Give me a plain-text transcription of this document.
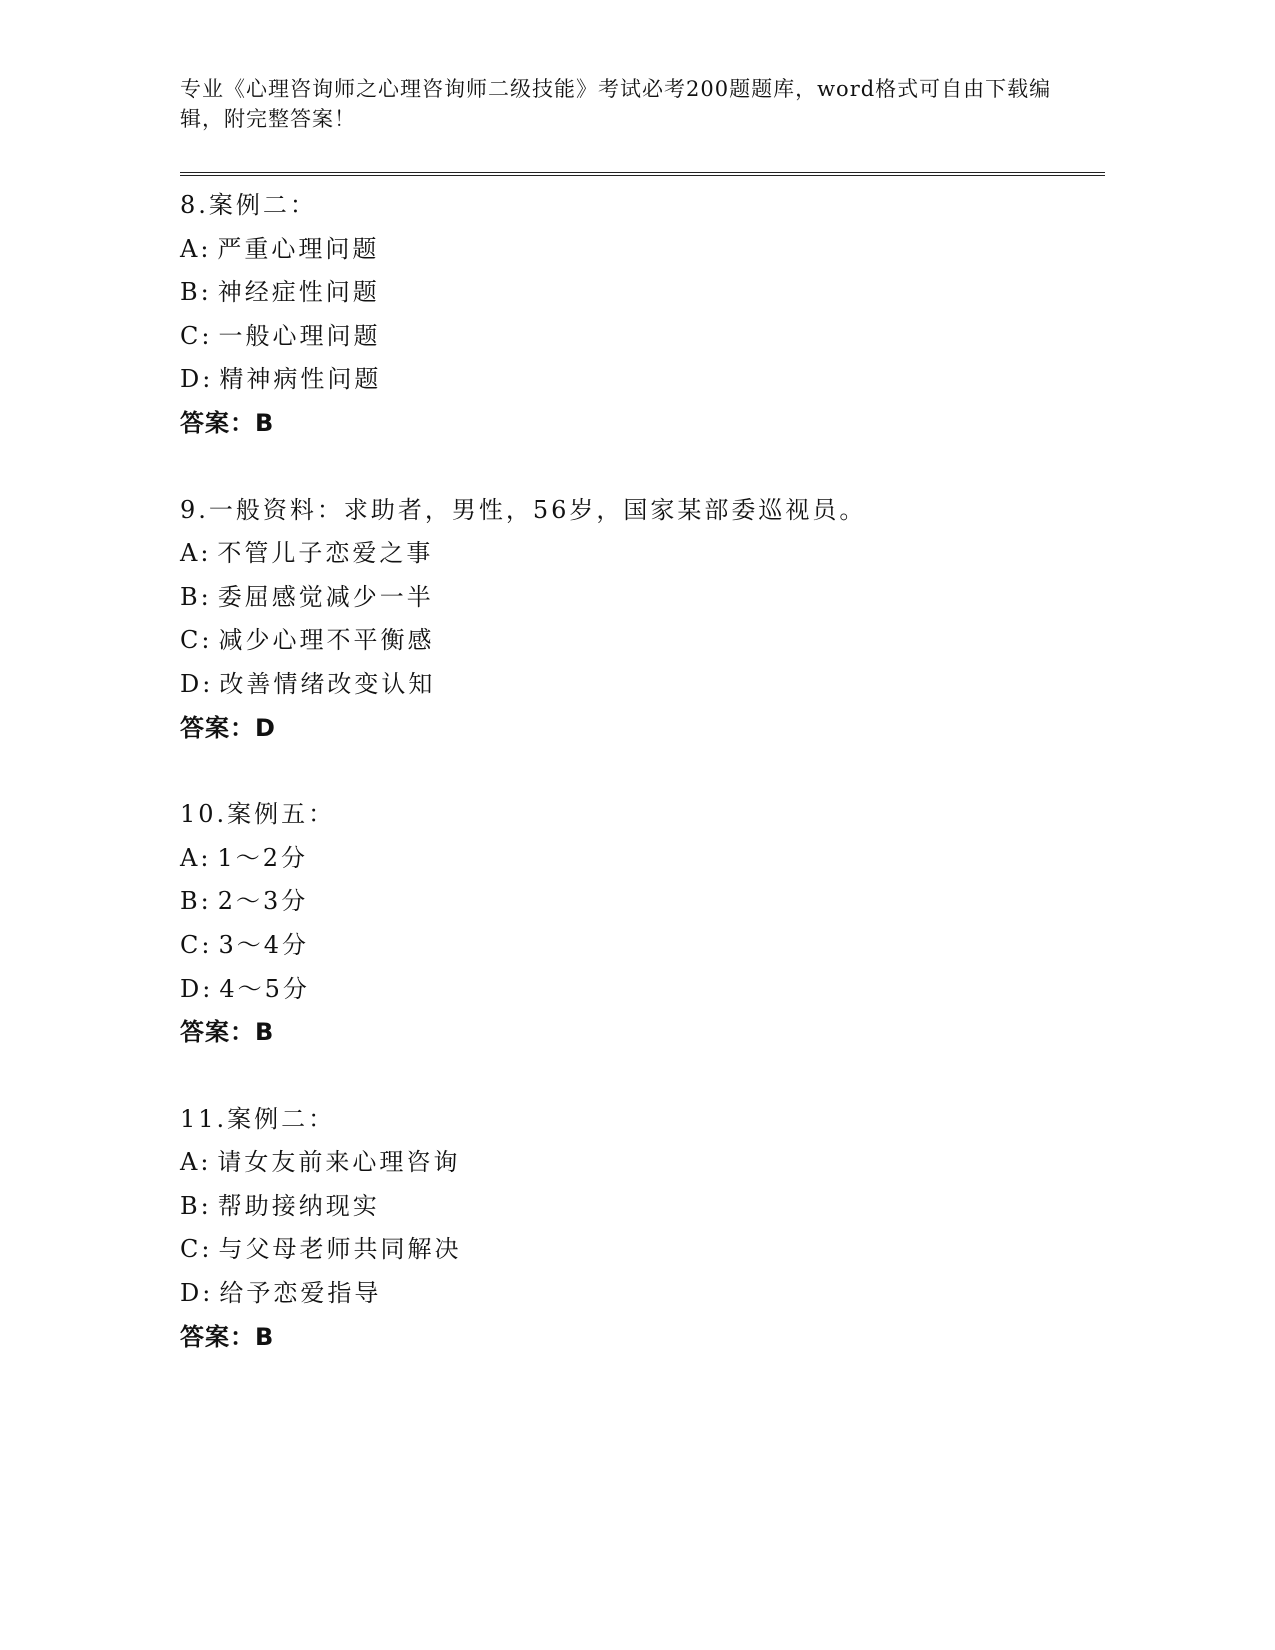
专业《心理咨询师之心理咨询师二级技能》考试必考200题题库，word格式可自由下载编辑，附完整答案！
8.案例二：
A: 严重心理问题
B: 神经症性问题
C: 一般心理问题
D: 精神病性问题
答案：B
9.一般资料：求助者，男性，56岁，国家某部委巡视员。
A: 不管儿子恋爱之事
B: 委屈感觉减少一半
C: 减少心理不平衡感
D: 改善情绪改变认知
答案：D
10.案例五：
A: 1～2分
B: 2～3分
C: 3～4分
D: 4～5分
答案：B
11.案例二：
A: 请女友前来心理咨询
B: 帮助接纳现实
C: 与父母老师共同解决
D: 给予恋爱指导
答案：B
